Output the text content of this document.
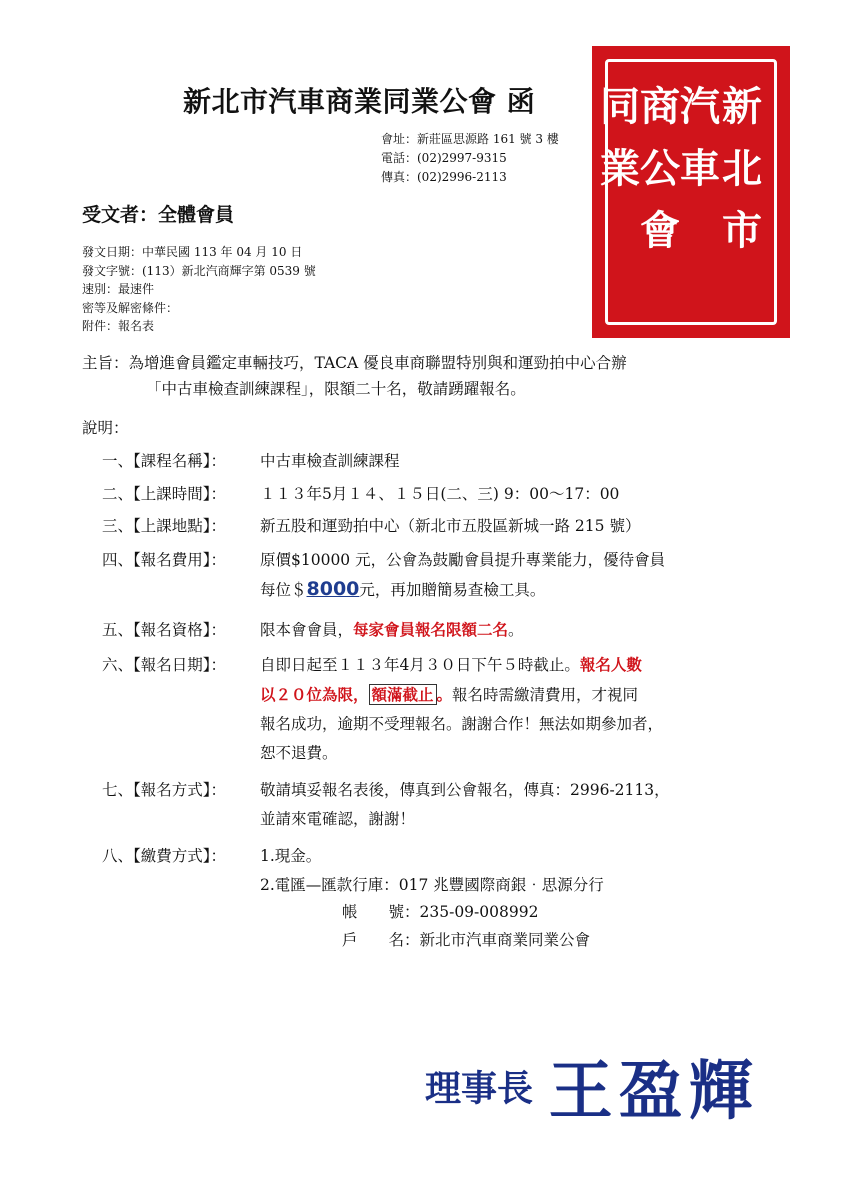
新北市汽車商業同業公會 函
會址：新莊區思源路 161 號 3 樓
電話：(02)2997-9315
傳真：(02)2996-2113
新北市
汽車
商公會
同業
受文者：全體會員
發文日期：中華民國 113 年 04 月 10 日
發文字號：(113）新北汽商輝字第 0539 號
速別：最速件
密等及解密條件：
附件：報名表
主旨：為增進會員鑑定車輛技巧，TACA 優良車商聯盟特別與和運勁拍中心合辦
「中古車檢查訓練課程」，限額二十名，敬請踴躍報名。
說明：
一、【課程名稱】： 中古車檢查訓練課程
二、【上課時間】： １１３年5月１４、１５日(二、三) 9：00～17：00
三、【上課地點】： 新五股和運勁拍中心（新北市五股區新城一路 215 號）
四、【報名費用】： 原價$10000 元，公會為鼓勵會員提升專業能力，優待會員
每位＄8000元，再加贈簡易查檢工具。
五、【報名資格】： 限本會會員，每家會員報名限額二名。
六、【報名日期】： 自即日起至１１３年4月３０日下午５時截止。報名人數
以２０位為限， 額滿截止 。報名時需繳清費用，才視同
報名成功，逾期不受理報名。謝謝合作！無法如期參加者，
恕不退費。
七、【報名方式】： 敬請填妥報名表後，傳真到公會報名，傳真：2996-2113，
並請來電確認，謝謝！
八、【繳費方式】： 1.現金。
2.電匯—匯款行庫：017 兆豐國際商銀‧思源分行
帳　　號：235-09-008992
戶　　名：新北市汽車商業同業公會
理事長 王盈輝
